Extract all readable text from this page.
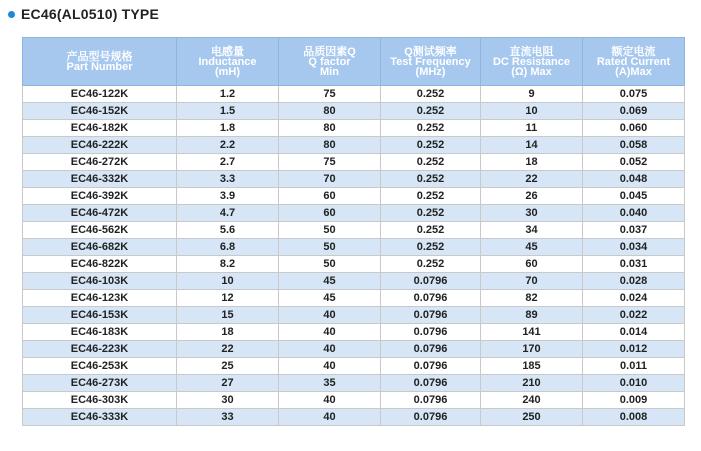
EC46(AL0510) TYPE
产品型号规格
Part Number	电感量
Inductance
(mH)	品质因素Q
Q factor
Min	Q测试频率
Test Frequency
(MHz)	直流电阻
DC Resistance
(Ω) Max	额定电流
Rated Current
(A)Max

EC46-122K	1.2	75	0.252	9	0.075
EC46-152K	1.5	80	0.252	10	0.069
EC46-182K	1.8	80	0.252	11	0.060
EC46-222K	2.2	80	0.252	14	0.058
EC46-272K	2.7	75	0.252	18	0.052
EC46-332K	3.3	70	0.252	22	0.048
EC46-392K	3.9	60	0.252	26	0.045
EC46-472K	4.7	60	0.252	30	0.040
EC46-562K	5.6	50	0.252	34	0.037
EC46-682K	6.8	50	0.252	45	0.034
EC46-822K	8.2	50	0.252	60	0.031
EC46-103K	10	45	0.0796	70	0.028
EC46-123K	12	45	0.0796	82	0.024
EC46-153K	15	40	0.0796	89	0.022
EC46-183K	18	40	0.0796	141	0.014
EC46-223K	22	40	0.0796	170	0.012
EC46-253K	25	40	0.0796	185	0.011
EC46-273K	27	35	0.0796	210	0.010
EC46-303K	30	40	0.0796	240	0.009
EC46-333K	33	40	0.0796	250	0.008
